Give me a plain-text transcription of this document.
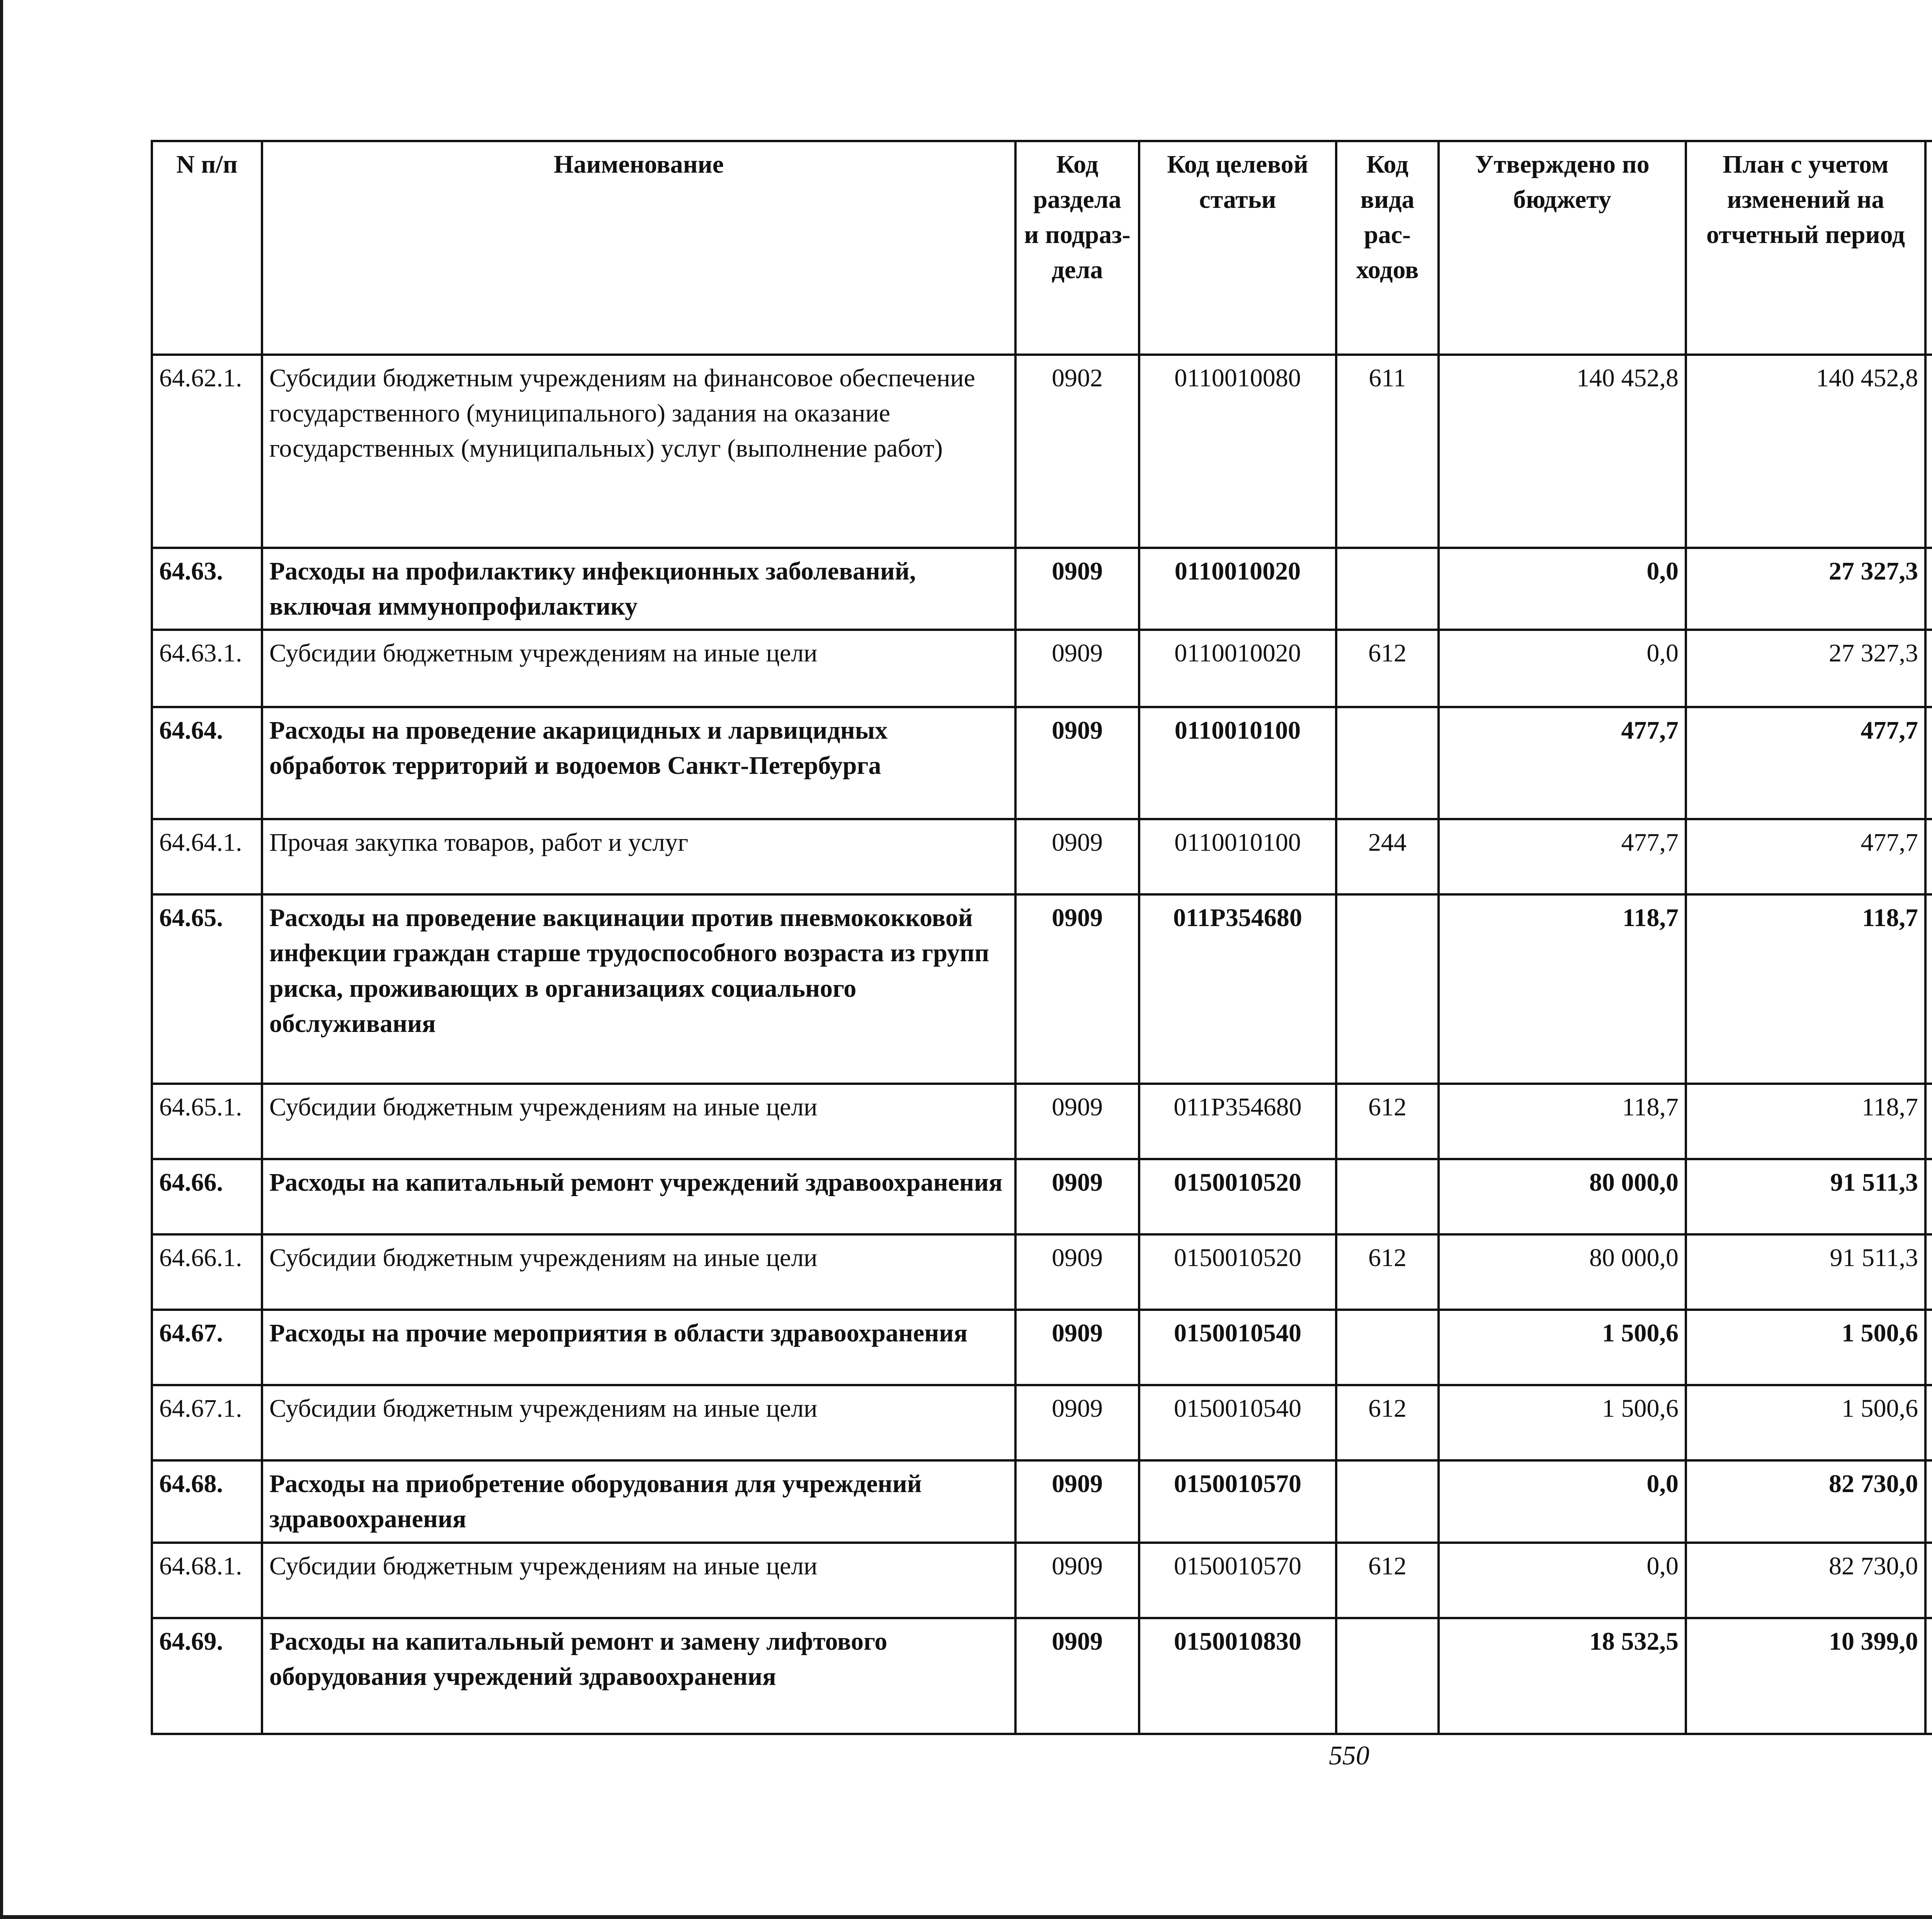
N п/п	Наименование	Код раздела и подраз-дела	Код целевой статьи	Код вида рас-ходов	Утверждено по бюджету	План с учетом изменений на отчетный период		

64.62.1.	Субсидии бюджетным учреждениям на финансовое обеспечение государственного (муниципального) задания на оказание государственных (муниципальных) услуг (выполнение работ)	0902	0110010080	611	140 452,8	140 452,8			
64.63.	Расходы на профилактику инфекционных заболеваний, включая иммунопрофилактику	0909	0110010020		0,0	27 327,3			
64.63.1.	Субсидии бюджетным учреждениям на иные цели	0909	0110010020	612	0,0	27 327,3			
64.64.	Расходы на проведение акарицидных и ларвицидных обработок территорий и водоемов Санкт-Петербурга	0909	0110010100		477,7	477,7			
64.64.1.	Прочая закупка товаров, работ и услуг	0909	0110010100	244	477,7	477,7			
64.65.	Расходы на проведение вакцинации против пневмококковой инфекции граждан старше трудоспособного возраста из групп риска, проживающих в организациях социального обслуживания	0909	011P354680		118,7	118,7			
64.65.1.	Субсидии бюджетным учреждениям на иные цели	0909	011P354680	612	118,7	118,7			
64.66.	Расходы на капитальный ремонт учреждений здравоохранения	0909	0150010520		80 000,0	91 511,3			
64.66.1.	Субсидии бюджетным учреждениям на иные цели	0909	0150010520	612	80 000,0	91 511,3			
64.67.	Расходы на прочие мероприятия в области здравоохранения	0909	0150010540		1 500,6	1 500,6			
64.67.1.	Субсидии бюджетным учреждениям на иные цели	0909	0150010540	612	1 500,6	1 500,6			
64.68.	Расходы на приобретение оборудования для учреждений здравоохранения	0909	0150010570		0,0	82 730,0			
64.68.1.	Субсидии бюджетным учреждениям на иные цели	0909	0150010570	612	0,0	82 730,0			
64.69.	Расходы на капитальный ремонт и замену лифтового оборудования учреждений здравоохранения	0909	0150010830		18 532,5	10 399,0			
550
